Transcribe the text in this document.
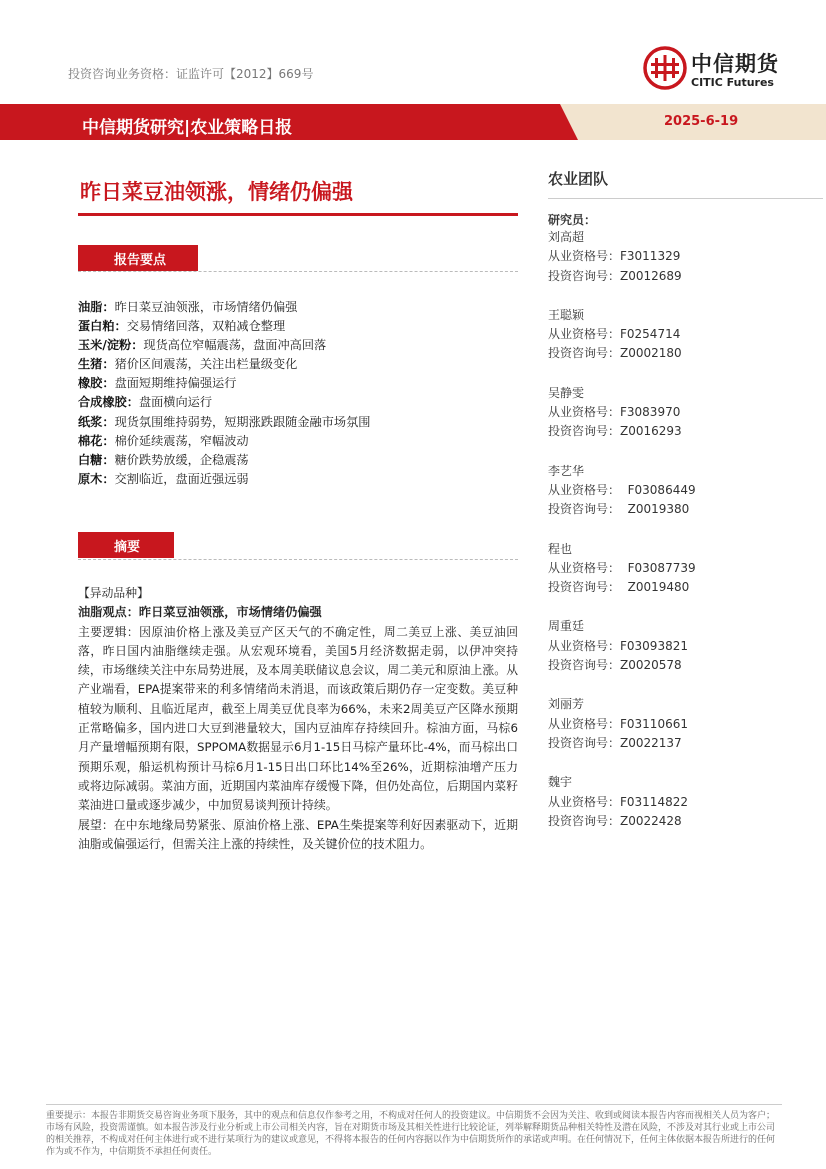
投资咨询业务资格：证监许可【2012】669号	中信期货
CITIC Futures
中信期货研究|农业策略日报	2025-6-19
昨日菜豆油领涨，情绪仍偏强
报告要点
油脂：昨日菜豆油领涨，市场情绪仍偏强
蛋白粕：交易情绪回落，双粕减仓整理
玉米/淀粉：现货高位窄幅震荡，盘面冲高回落
生猪：猪价区间震荡，关注出栏量级变化
橡胶：盘面短期维持偏强运行
合成橡胶：盘面横向运行
纸浆：现货氛围维持弱势，短期涨跌跟随金融市场氛围
棉花：棉价延续震荡，窄幅波动
白糖：糖价跌势放缓，企稳震荡
原木：交割临近，盘面近强远弱
摘要

【异动品种】

油脂观点：昨日菜豆油领涨，市场情绪仍偏强

主要逻辑：因原油价格上涨及美豆产区天气的不确定性，周二美豆上涨、美豆油回落，昨日国内油脂继续走强。从宏观环境看，美国5月经济数据走弱，以伊冲突持续，市场继续关注中东局势进展，及本周美联储议息会议，周二美元和原油上涨。从产业端看，EPA提案带来的利多情绪尚未消退，而该政策后期仍存一定变数。美豆种植较为顺利、且临近尾声，截至上周美豆优良率为66%，未来2周美豆产区降水预期正常略偏多，国内进口大豆到港量较大，国内豆油库存持续回升。棕油方面，马棕6月产量增幅预期有限，SPPOMA数据显示6月1-15日马棕产量环比-4%，而马棕出口预期乐观，船运机构预计马棕6月1-15日出口环比14%至26%，近期棕油增产压力或将边际减弱。菜油方面，近期国内菜油库存缓慢下降，但仍处高位，后期国内菜籽菜油进口量或逐步减少，中加贸易谈判预计持续。

展望：在中东地缘局势紧张、原油价格上涨、EPA生柴提案等利好因素驱动下，近期油脂或偏强运行，但需关注上涨的持续性，及关键价位的技术阻力。

农业团队
研究员：
刘高超
从业资格号：F3011329
投资咨询号：Z0012689
王聪颖
从业资格号：F0254714
投资咨询号：Z0002180
吴静雯
从业资格号：F3083970
投资咨询号：Z0016293
李艺华
从业资格号：  F03086449
投资咨询号：  Z0019380
程也
从业资格号：  F03087739
投资咨询号：  Z0019480
周重廷
从业资格号：F03093821
投资咨询号：Z0020578
刘丽芳
从业资格号：F03110661
投资咨询号：Z0022137
魏宇
从业资格号：F03114822
投资咨询号：Z0022428
重要提示：本报告非期货交易咨询业务项下服务，其中的观点和信息仅作参考之用，不构成对任何人的投资建议。中信期货不会因为关注、收到或阅读本报告内容而视相关人员为客户；市场有风险，投资需谨慎。如本报告涉及行业分析或上市公司相关内容，旨在对期货市场及其相关性进行比较论证，列举解释期货品种相关特性及潜在风险，不涉及对其行业或上市公司的相关推荐，不构成对任何主体进行或不进行某项行为的建议或意见，不得将本报告的任何内容据以作为中信期货所作的承诺或声明。在任何情况下，任何主体依据本报告所进行的任何作为或不作为，中信期货不承担任何责任。
